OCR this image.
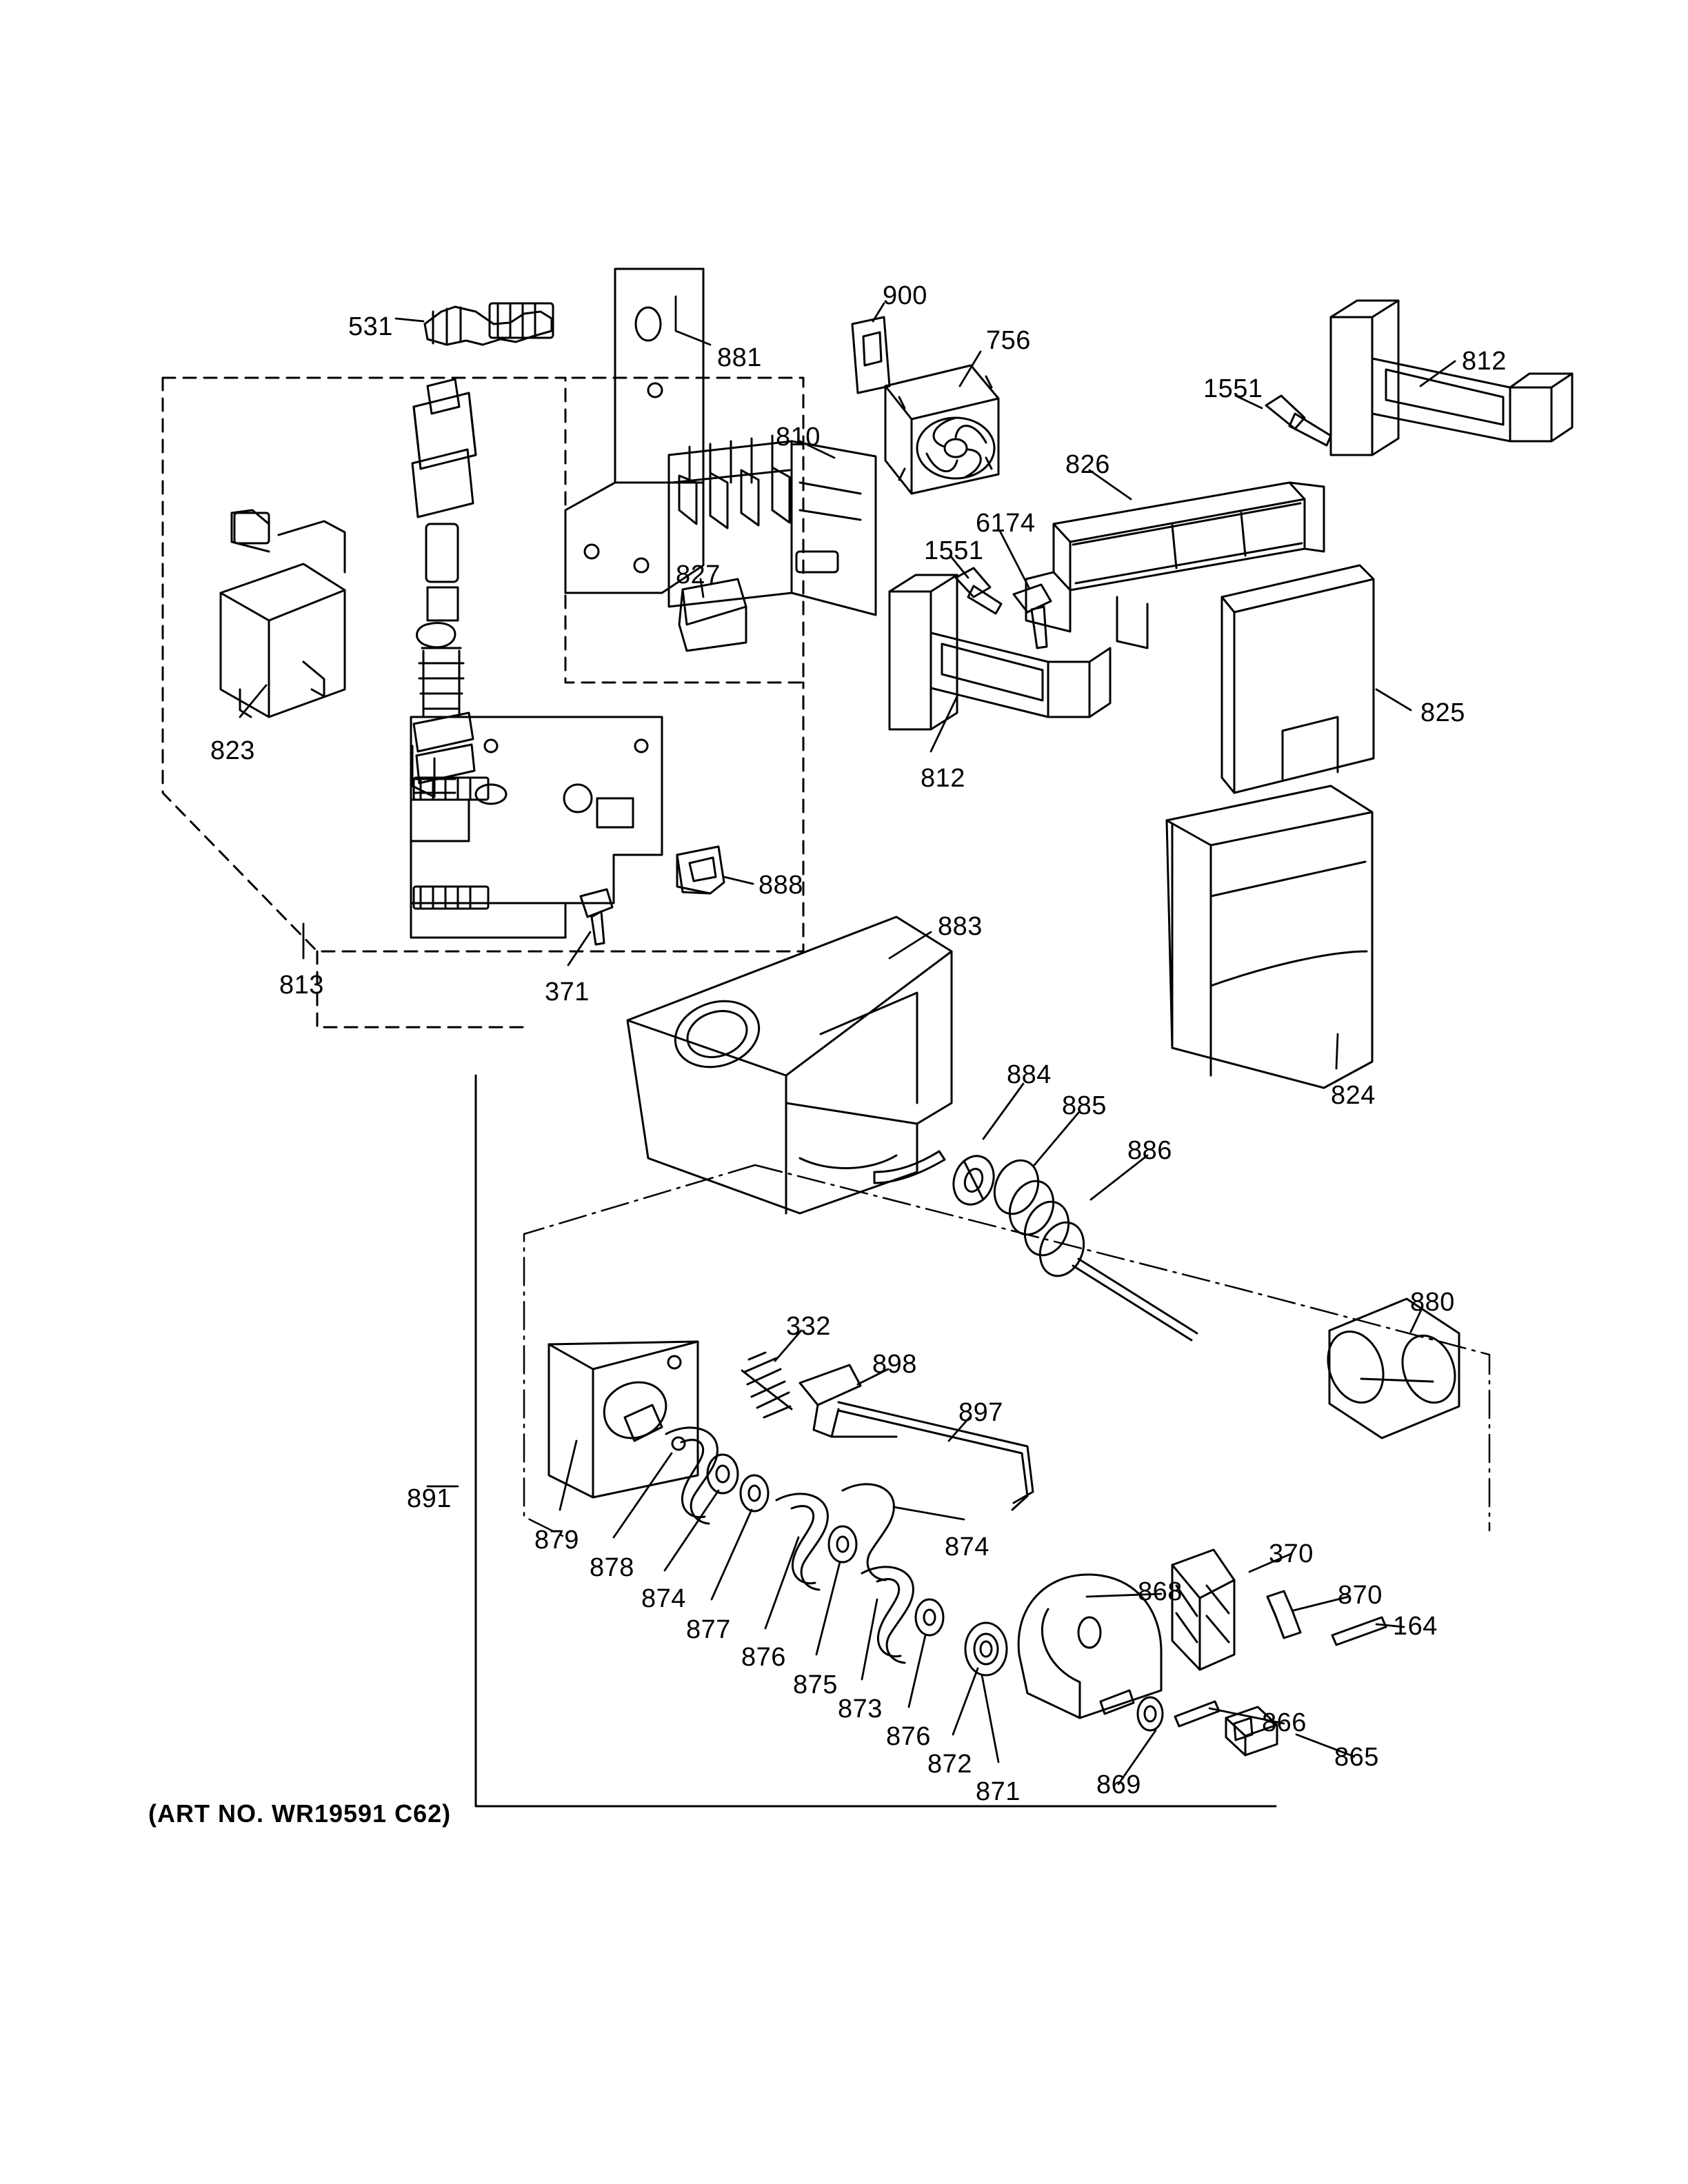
531
881
900
756
1551
812
810
826
6174
1551
827
825
823
812
888
371
813
883
824
884
885
886
880
332
898
897
891
879
878
874
874
877
876
875
873
876
872
871
868
370
870
164
866
865
869
(ART NO. WR19591 C62)
